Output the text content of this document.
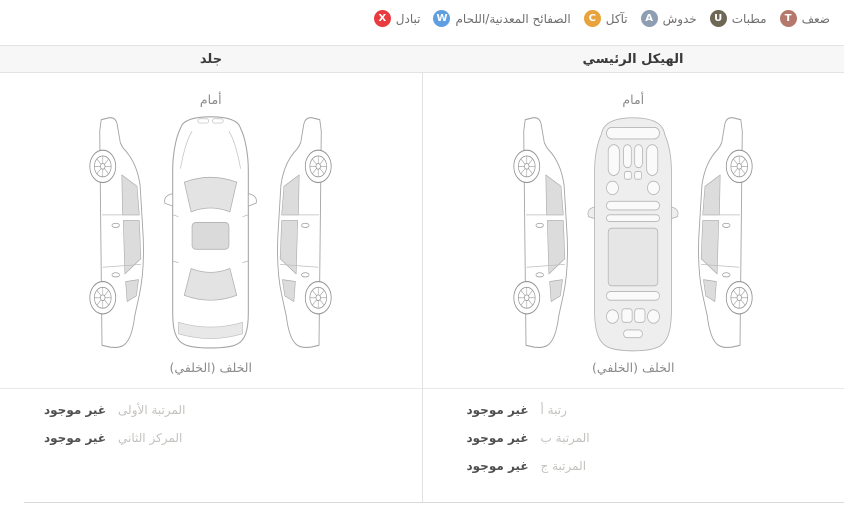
ضعف
T
مطبات
U
خدوش
A
تآكل
C
الصفائح المعدنية/اللحام
W
تبادل
X
الهيكل الرئيسي
جلد
أمام
الخلف (الخلفي)
غير موجود رتبة أ
غير موجود المرتبة ب
غير موجود المرتبة ج
أمام
الخلف (الخلفي)
غير موجود المرتبة الأولى
غير موجود المركز الثاني
